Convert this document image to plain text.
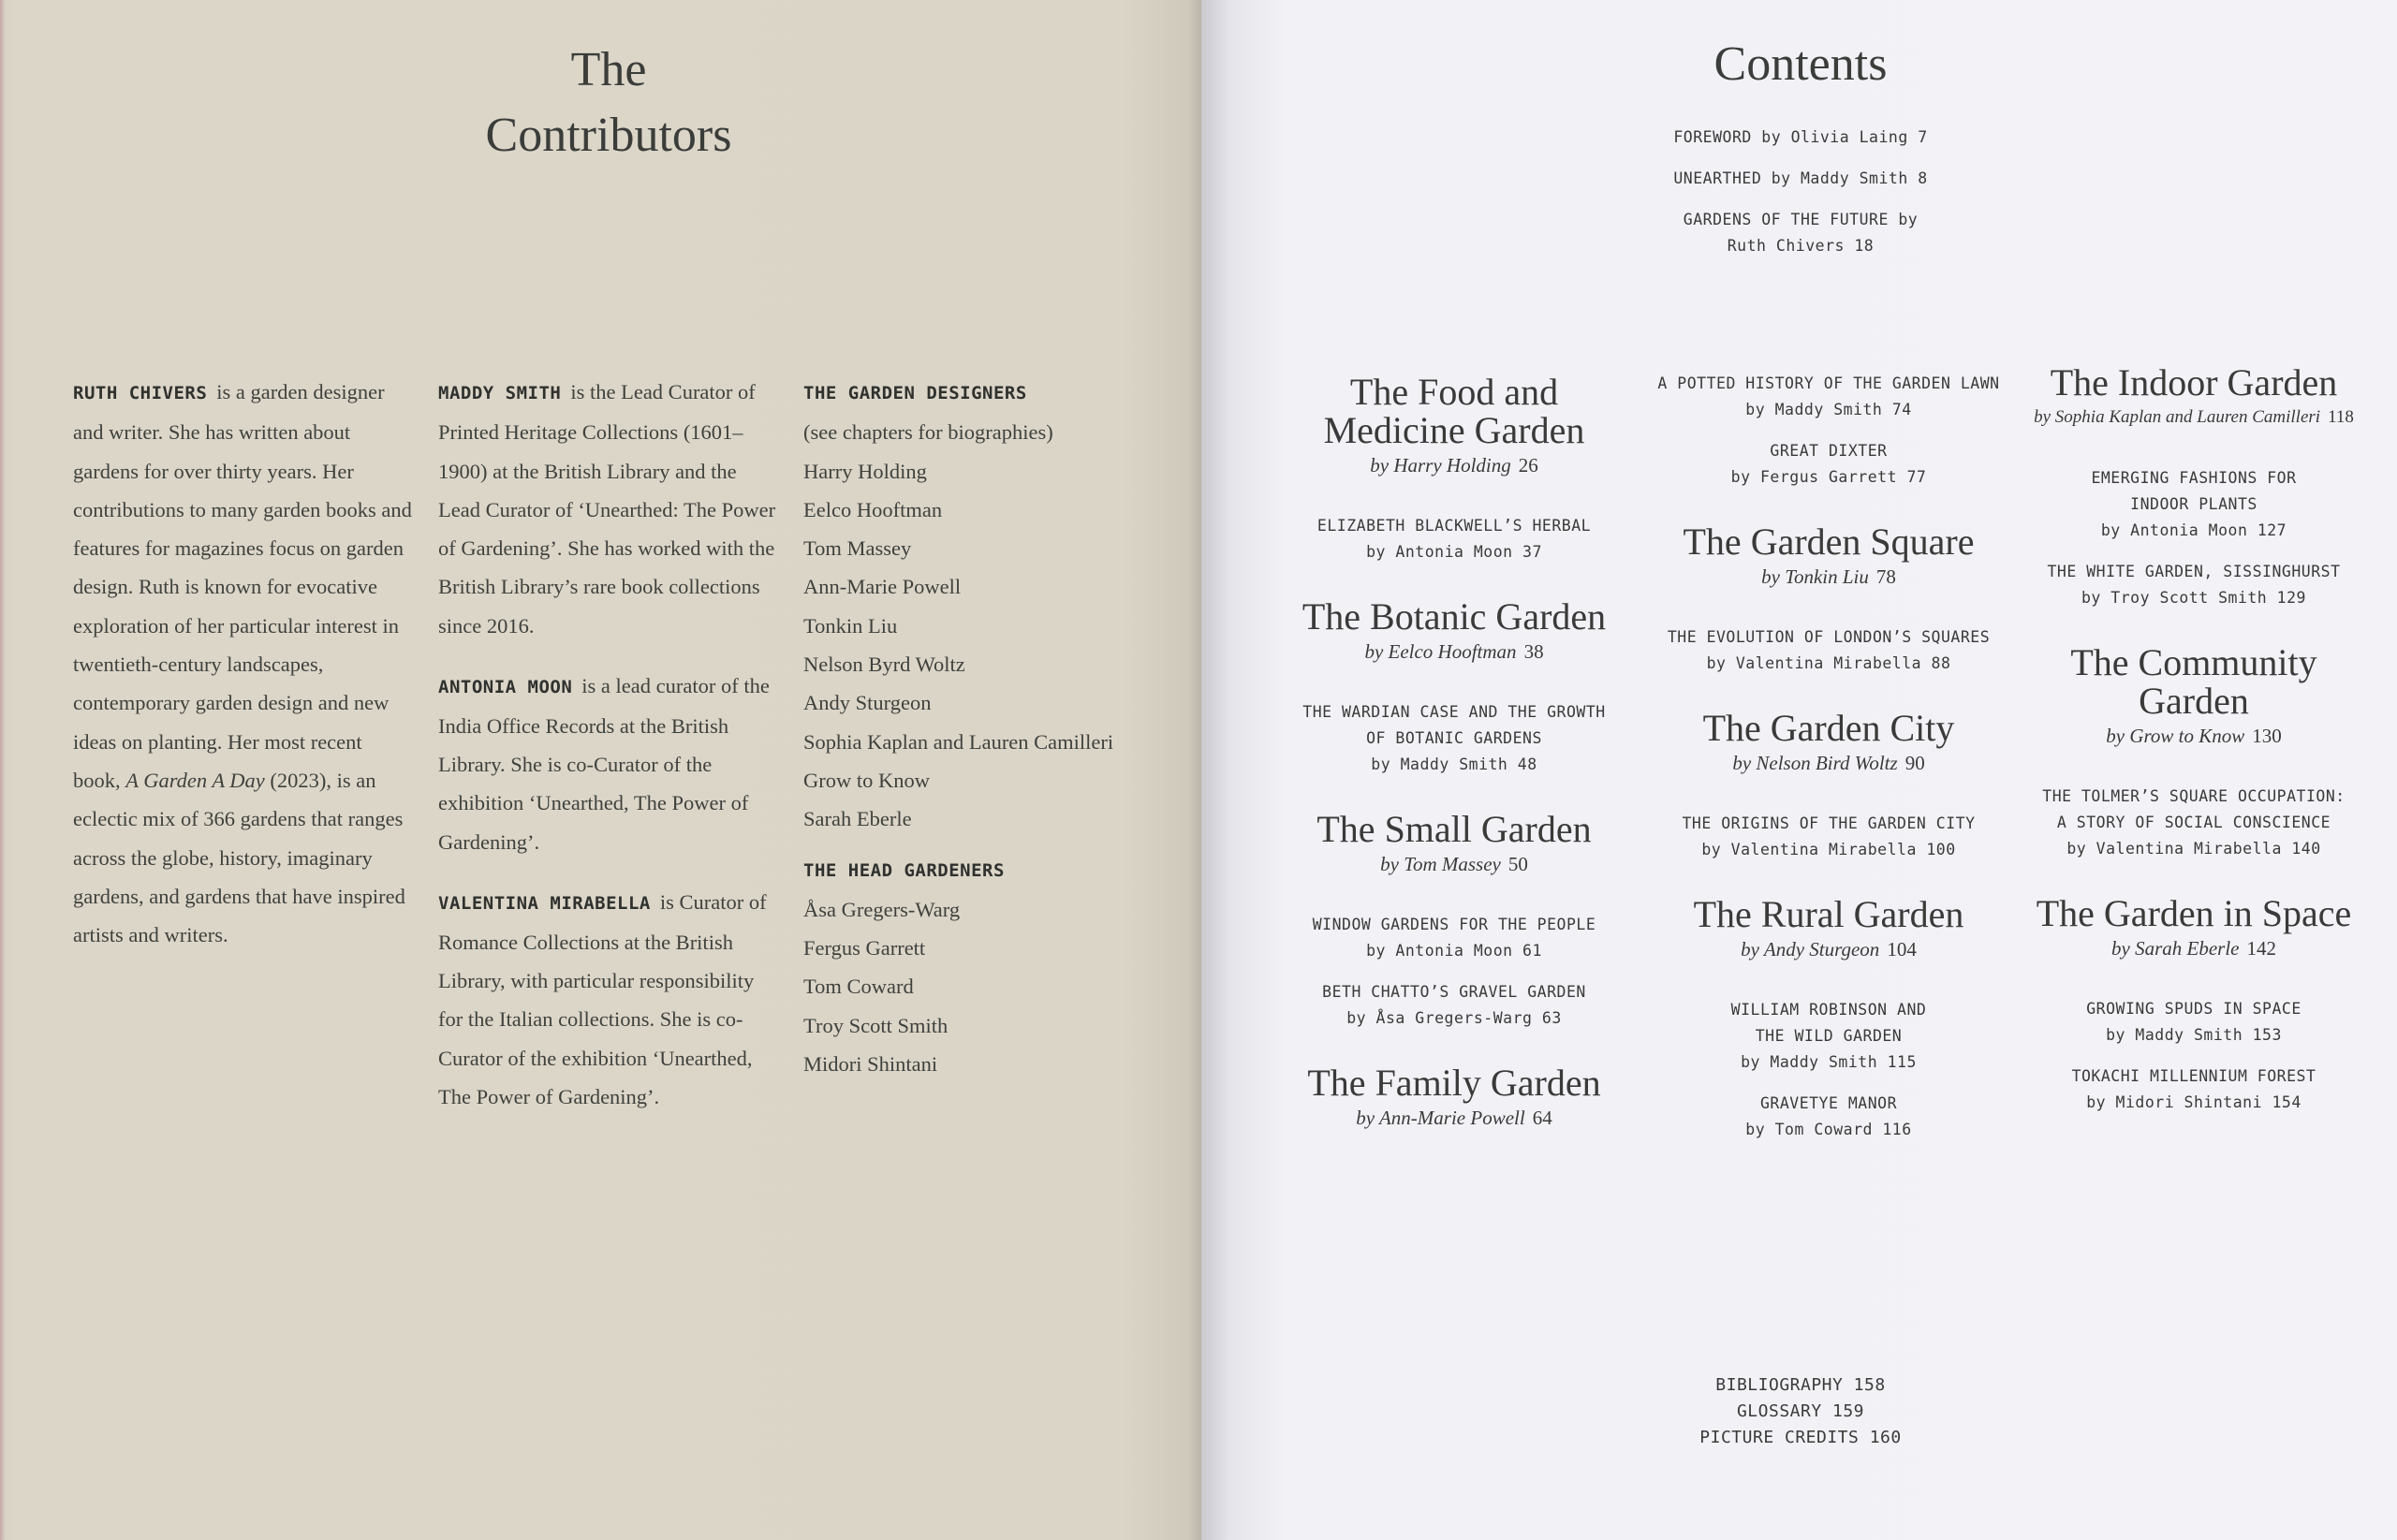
The
Contributors

RUTH CHIVERS is a garden designer and writer. She has written about gardens for over thirty years. Her contributions to many garden books and features for magazines focus on garden design. Ruth is known for evocative exploration of her particular interest in twentieth-century landscapes, contemporary garden design and new ideas on planting. Her most recent book, A Garden A Day (2023), is an eclectic mix of 366 gardens that ranges across the globe, history, imaginary gardens, and gardens that have inspired artists and writers.

MADDY SMITH is the Lead Curator of Printed Heritage Collections (1601–1900) at the British Library and the Lead Curator of ‘Unearthed: The Power of Gardening’. She has worked with the British Library’s rare book collections since 2016.

ANTONIA MOON is a lead curator of the India Office Records at the British Library. She is co-Curator of the exhibition ‘Unearthed, The Power of Gardening’.

VALENTINA MIRABELLA is Curator of Romance Collections at the British Library, with particular responsibility for the Italian collections. She is co-Curator of the exhibition ‘Unearthed, The Power of Gardening’.

THE GARDEN DESIGNERS
(see chapters for biographies)
Harry Holding
Eelco Hooftman
Tom Massey
Ann-Marie Powell
Tonkin Liu
Nelson Byrd Woltz
Andy Sturgeon
Sophia Kaplan and Lauren Camilleri
Grow to Know
Sarah Eberle
THE HEAD GARDENERS
Åsa Gregers-Warg
Fergus Garrett
Tom Coward
Troy Scott Smith
Midori Shintani
Contents
FOREWORD by Olivia Laing 7
UNEARTHED by Maddy Smith 8
GARDENS OF THE FUTURE by
Ruth Chivers 18
The Food and Medicine Garden
by Harry Holding 26
ELIZABETH BLACKWELL’S HERBAL
by Antonia Moon 37
The Botanic Garden
by Eelco Hooftman 38
THE WARDIAN CASE AND THE GROWTH
OF BOTANIC GARDENS
by Maddy Smith 48
The Small Garden
by Tom Massey 50
WINDOW GARDENS FOR THE PEOPLE
by Antonia Moon 61
BETH CHATTO’S GRAVEL GARDEN
by Åsa Gregers-Warg 63
The Family Garden
by Ann-Marie Powell 64
A POTTED HISTORY OF THE GARDEN LAWN
by Maddy Smith 74
GREAT DIXTER
by Fergus Garrett 77
The Garden Square
by Tonkin Liu 78
THE EVOLUTION OF LONDON’S SQUARES
by Valentina Mirabella 88
The Garden City
by Nelson Bird Woltz 90
THE ORIGINS OF THE GARDEN CITY
by Valentina Mirabella 100
The Rural Garden
by Andy Sturgeon 104
WILLIAM ROBINSON AND
THE WILD GARDEN
by Maddy Smith 115
GRAVETYE MANOR
by Tom Coward 116
The Indoor Garden
by Sophia Kaplan and Lauren Camilleri 118
EMERGING FASHIONS FOR
INDOOR PLANTS
by Antonia Moon 127
THE WHITE GARDEN, SISSINGHURST
by Troy Scott Smith 129
The Community Garden
by Grow to Know 130
THE TOLMER’S SQUARE OCCUPATION:
A STORY OF SOCIAL CONSCIENCE
by Valentina Mirabella 140
The Garden in Space
by Sarah Eberle 142
GROWING SPUDS IN SPACE
by Maddy Smith 153
TOKACHI MILLENNIUM FOREST
by Midori Shintani 154
BIBLIOGRAPHY 158
GLOSSARY 159
PICTURE CREDITS 160
